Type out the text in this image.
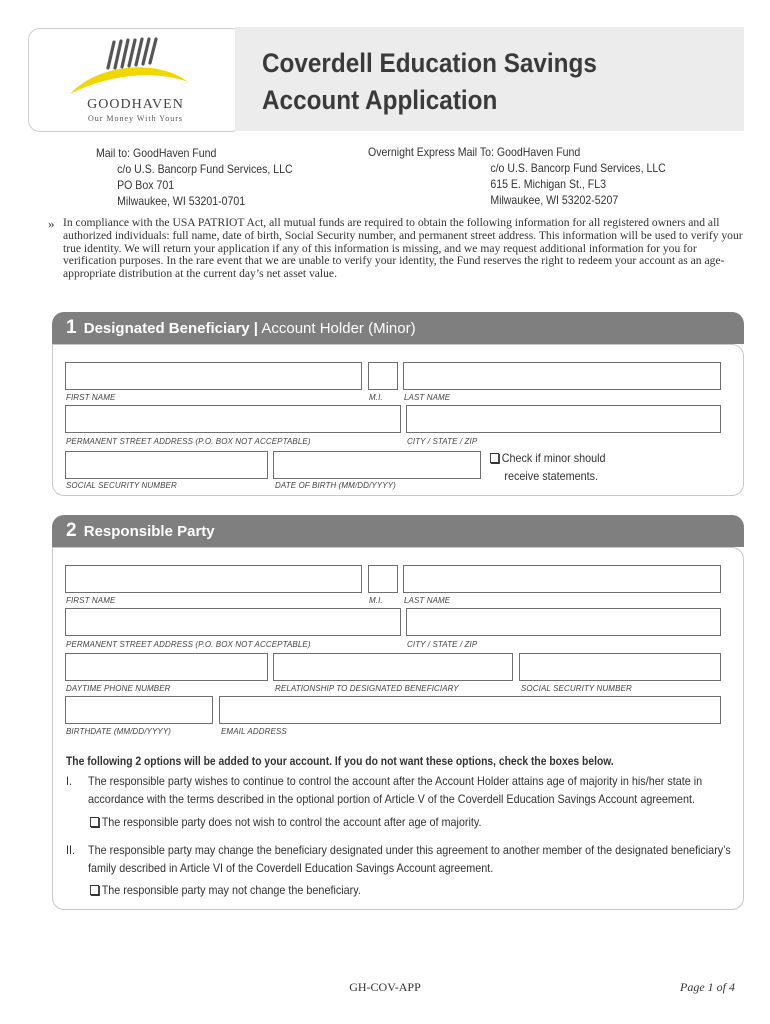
GOODHAVEN
Our Money With Yours
Coverdell Education Savings
Account Application
Mail to: GoodHaven Fund
c/o U.S. Bancorp Fund Services, LLC
PO Box 701
Milwaukee, WI 53201-0701
Overnight Express Mail To: GoodHaven Fund
c/o U.S. Bancorp Fund Services, LLC
615 E. Michigan St., FL3
Milwaukee, WI 53202-5207
» In compliance with the USA PATRIOT Act, all mutual funds are required to obtain the following information for all registered owners and all authorized individuals: full name, date of birth, Social Security number, and permanent street address. This information will be used to verify your true identity. We will return your application if any of this information is missing, and we may request additional information for you for verification purposes. In the rare event that we are unable to verify your identity, the Fund reserves the right to redeem your account as an age-appropriate distribution at the current day’s net asset value.
1 Designated Beneficiary | Account Holder (Minor)
FIRST NAME	M.I.	LAST NAME
PERMANENT STREET ADDRESS (P.O. BOX NOT ACCEPTABLE)	CITY / STATE / ZIP
SOCIAL SECURITY NUMBER	DATE OF BIRTH (MM/DD/YYYY)
Check if minor should
receive statements.
2 Responsible Party
FIRST NAME	M.I.	LAST NAME
PERMANENT STREET ADDRESS (P.O. BOX NOT ACCEPTABLE)	CITY / STATE / ZIP
DAYTIME PHONE NUMBER	RELATIONSHIP TO DESIGNATED BENEFICIARY	SOCIAL SECURITY NUMBER
BIRTHDATE (MM/DD/YYYY)	EMAIL ADDRESS
The following 2 options will be added to your account. If you do not want these options, check the boxes below.
I. The responsible party wishes to continue to control the account after the Account Holder attains age of majority in his/her state in
accordance with the terms described in the optional portion of Article V of the Coverdell Education Savings Account agreement.
The responsible party does not wish to control the account after age of majority.
II. The responsible party may change the beneficiary designated under this agreement to another member of the designated beneficiary’s
family described in Article VI of the Coverdell Education Savings Account agreement.
The responsible party may not change the beneficiary.
GH-COV-APP	Page 1 of 4
